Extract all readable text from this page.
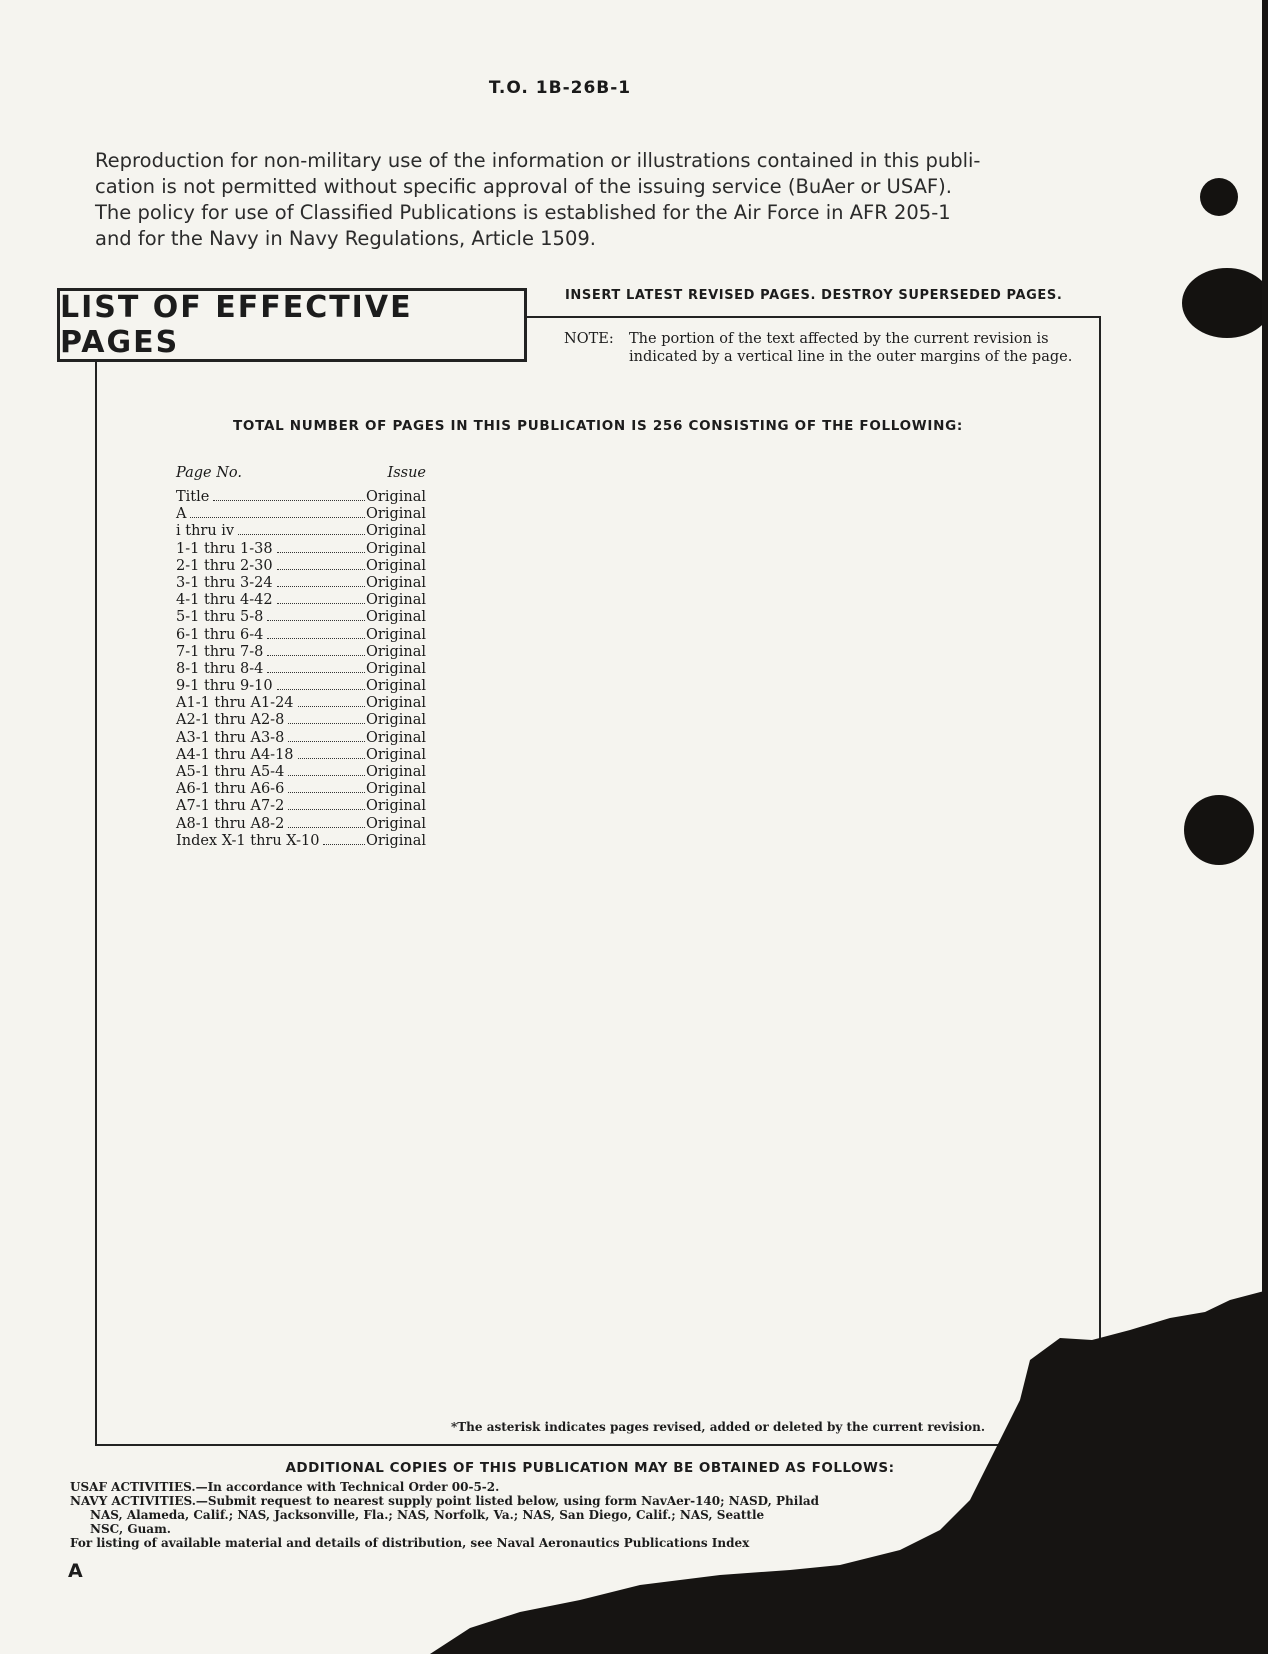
T.O. 1B-26B-1
Reproduction for non-military use of the information or illustrations contained in this publi-
cation is not permitted without specific approval of the issuing service (BuAer or USAF).
The policy for use of Classified Publications is established for the Air Force in AFR 205-1
and for the Navy in Navy Regulations, Article 1509.
INSERT LATEST REVISED PAGES. DESTROY SUPERSEDED PAGES.
LIST OF EFFECTIVE PAGES	NOTE:	The portion of the text affected by the current revision is
indicated by a vertical line in the outer margins of the page.
TOTAL NUMBER OF PAGES IN THIS PUBLICATION IS 256 CONSISTING OF THE FOLLOWING:
Page No.	Issue
Title	Original
A	Original
i thru iv	Original
1-1 thru 1-38	Original
2-1 thru 2-30	Original
3-1 thru 3-24	Original
4-1 thru 4-42	Original
5-1 thru 5-8	Original
6-1 thru 6-4	Original
7-1 thru 7-8	Original
8-1 thru 8-4	Original
9-1 thru 9-10	Original
A1-1 thru A1-24	Original
A2-1 thru A2-8	Original
A3-1 thru A3-8	Original
A4-1 thru A4-18	Original
A5-1 thru A5-4	Original
A6-1 thru A6-6	Original
A7-1 thru A7-2	Original
A8-1 thru A8-2	Original
Index X-1 thru X-10	Original
*The asterisk indicates pages revised, added or deleted by the current revision.
ADDITIONAL COPIES OF THIS PUBLICATION MAY BE OBTAINED AS FOLLOWS:
USAF ACTIVITIES.—In accordance with Technical Order 00-5-2.
NAVY ACTIVITIES.—Submit request to nearest supply point listed below, using form NavAer-140; NASD, Philad
NAS, Alameda, Calif.; NAS, Jacksonville, Fla.; NAS, Norfolk, Va.; NAS, San Diego, Calif.; NAS, Seattle
NSC, Guam.
For listing of available material and details of distribution, see Naval Aeronautics Publications Index
A
